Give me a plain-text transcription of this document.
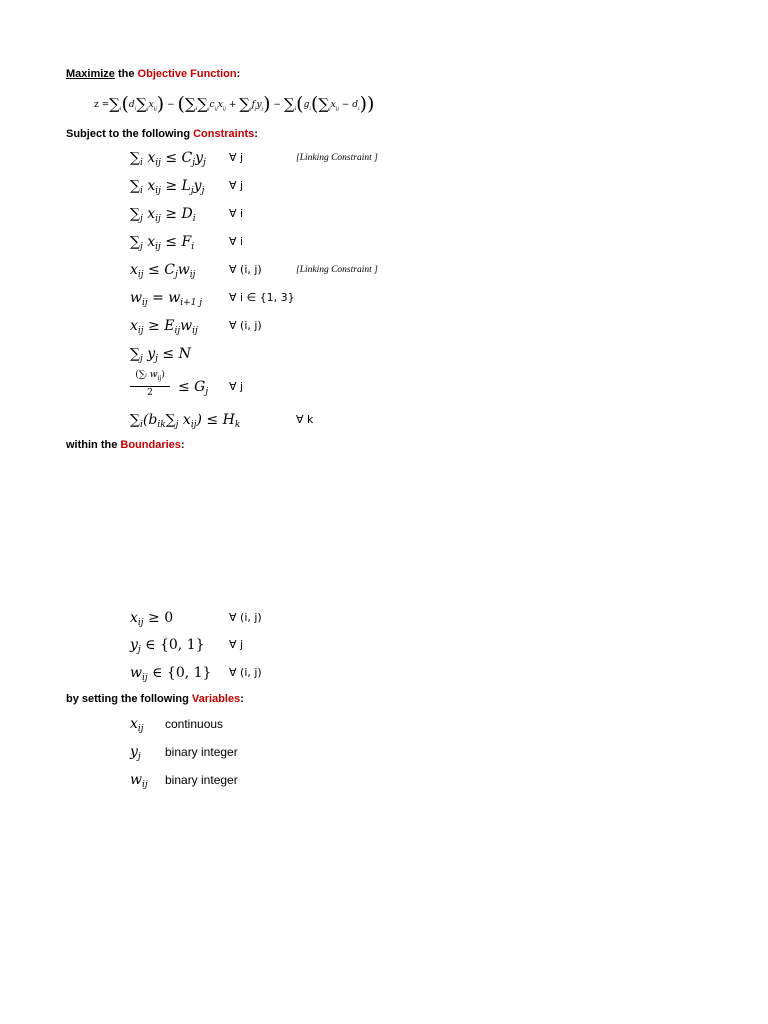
Maximize the Objective Function:
$z =\sum_i(d_i\sum_jx_{ij}) - (\sum_i\sum_jc_{ij}x_{ij} + \sum_jf_jy_j) - \sum_i(g_i(\sum_jx_{ij} - d_i))$
Subject to the following Constraints:
$\sum_i$ $x_{ij} \le C_jy_j$ ∀ j	[Linking Constraint ]
$\sum_i$ $x_{ij} \ge L_jy_j$ ∀ j
$\sum_j$ $x_{ij} \ge D_i$	∀ i
$\sum_j$ $x_{ij} \le F_i$	∀ i
$x_{ij} \le C_jw_{ij}$	∀ (i, j)	[Linking Constraint ]
$w_{ij} = w_{i+1 j}$ ∀ i ∈ {1, 3}
$x_{ij} \ge E_{ij}w_{ij}$	∀ (i, j)
$\sum_j$ $y_j \le N$
(∑ᵢ $w_{ij}$)
2	≤ $G_j$ ∀ j
$\sum_i(b_{ik}\sum_j$ $x_{ij}) \le H_k$	∀ k
within the Boundaries:
$x_{ij} \ge 0$	∀ (i, j)
$y_j$ ∈ {0, 1} ∀ j
$w_{ij}$ ∈ {0, 1} ∀ (i, j)
by setting the following Variables:
$x_{ij}$ continuous
$y_j$ binary integer
$w_{ij}$ binary integer
